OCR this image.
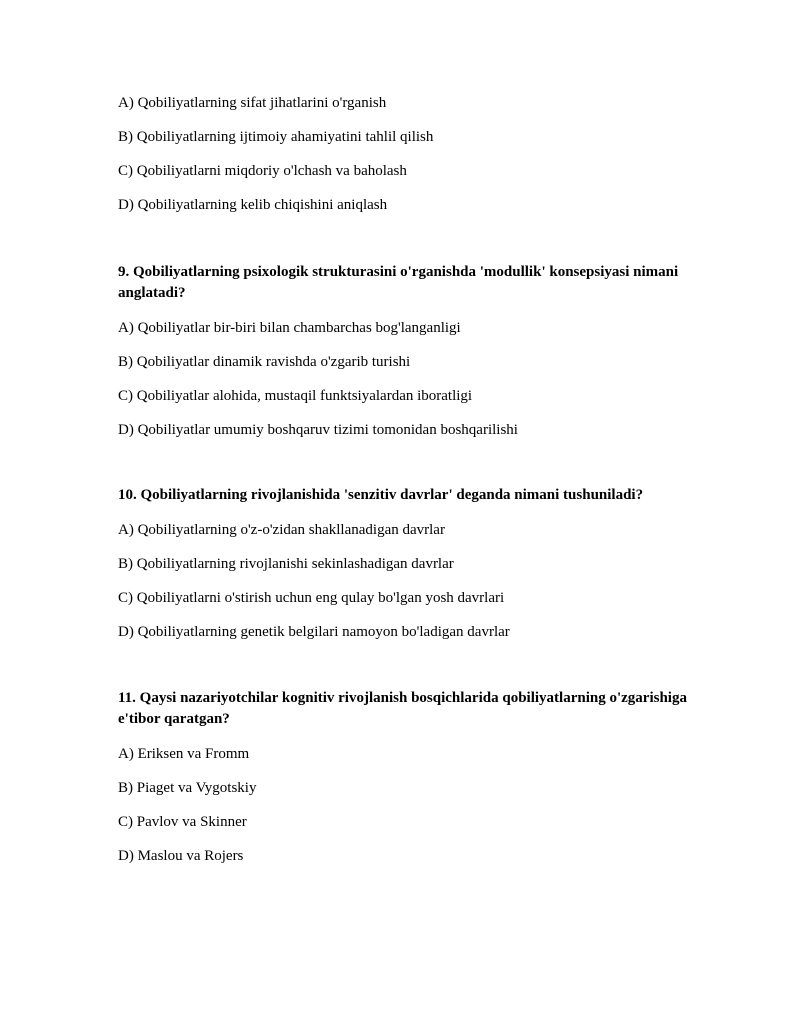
A) Qobiliyatlarning sifat jihatlarini o'rganish
B) Qobiliyatlarning ijtimoiy ahamiyatini tahlil qilish
C) Qobiliyatlarni miqdoriy o'lchash va baholash
D) Qobiliyatlarning kelib chiqishini aniqlash
9. Qobiliyatlarning psixologik strukturasini o'rganishda 'modullik' konsepsiyasi nimani anglatadi?
A) Qobiliyatlar bir-biri bilan chambarchas bog'langanligi
B) Qobiliyatlar dinamik ravishda o'zgarib turishi
C) Qobiliyatlar alohida, mustaqil funktsiyalardan iboratligi
D) Qobiliyatlar umumiy boshqaruv tizimi tomonidan boshqarilishi
10. Qobiliyatlarning rivojlanishida 'senzitiv davrlar' deganda nimani tushuniladi?
A) Qobiliyatlarning o'z-o'zidan shakllanadigan davrlar
B) Qobiliyatlarning rivojlanishi sekinlashadigan davrlar
C) Qobiliyatlarni o'stirish uchun eng qulay bo'lgan yosh davrlari
D) Qobiliyatlarning genetik belgilari namoyon bo'ladigan davrlar
11. Qaysi nazariyotchilar kognitiv rivojlanish bosqichlarida qobiliyatlarning o'zgarishiga e'tibor qaratgan?
A) Eriksen va Fromm
B) Piaget va Vygotskiy
C) Pavlov va Skinner
D) Maslou va Rojers
